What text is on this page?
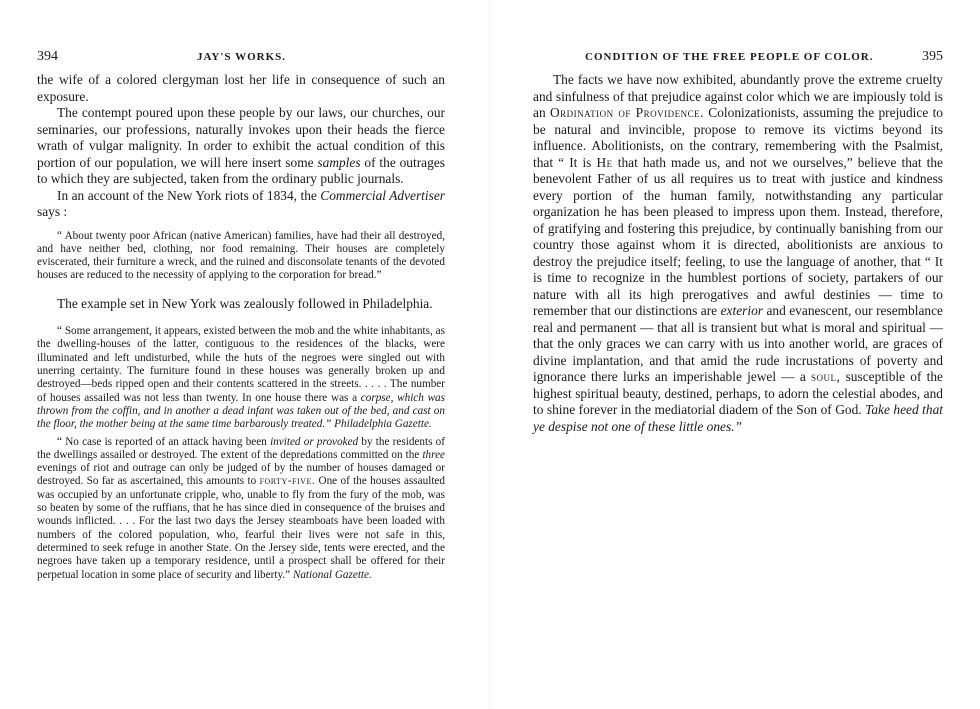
394	JAY'S WORKS.

the wife of a colored clergyman lost her life in consequence of such an exposure.

The contempt poured upon these people by our laws, our churches, our seminaries, our professions, naturally invokes upon their heads the fierce wrath of vulgar malignity. In order to exhibit the actual condition of this portion of our population, we will here insert some samples of the outrages to which they are subjected, taken from the ordinary public journals.

In an account of the New York riots of 1834, the Commercial Advertiser says :

“ About twenty poor African (native American) families, have had their all destroyed, and have neither bed, clothing, nor food remaining. Their houses are completely eviscerated, their furniture a wreck, and the ruined and disconsolate tenants of the devoted houses are reduced to the necessity of applying to the corporation for bread.”

The example set in New York was zealously followed in Philadelphia.

“ Some arrangement, it appears, existed between the mob and the white inhabitants, as the dwelling-houses of the latter, contiguous to the residences of the blacks, were illuminated and left undisturbed, while the huts of the negroes were singled out with unerring certainty. The furniture found in these houses was generally broken up and destroyed—beds ripped open and their contents scattered in the streets. . . . . The number of houses assailed was not less than twenty. In one house there was a corpse, which was thrown from the coffin, and in another a dead infant was taken out of the bed, and cast on the floor, the mother being at the same time barbarously treated.” Philadelphia Gazette.

“ No case is reported of an attack having been invited or provoked by the residents of the dwellings assailed or destroyed. The extent of the depredations committed on the three evenings of riot and outrage can only be judged of by the number of houses damaged or destroyed. So far as ascertained, this amounts to forty-five. One of the houses assaulted was occupied by an unfortunate cripple, who, unable to fly from the fury of the mob, was so beaten by some of the ruffians, that he has since died in consequence of the bruises and wounds inflicted. . . . For the last two days the Jersey steamboats have been loaded with numbers of the colored population, who, fearful their lives were not safe in this, determined to seek refuge in another State. On the Jersey side, tents were erected, and the negroes have taken up a temporary residence, until a prospect shall be offered for their perpetual location in some place of security and liberty.” National Gazette.

CONDITION OF THE FREE PEOPLE OF COLOR.	395

The facts we have now exhibited, abundantly prove the extreme cruelty and sinfulness of that prejudice against color which we are impiously told is an Ordination of Providence. Colonizationists, assuming the prejudice to be natural and invincible, propose to remove its victims beyond its influence. Abolitionists, on the contrary, remembering with the Psalmist, that “ It is He that hath made us, and not we ourselves,” believe that the benevolent Father of us all requires us to treat with justice and kindness every portion of the human family, notwithstanding any particular organization he has been pleased to impress upon them. Instead, therefore, of gratifying and fostering this prejudice, by continually banishing from our country those against whom it is directed, abolitionists are anxious to destroy the prejudice itself; feeling, to use the language of another, that “ It is time to recognize in the humblest portions of society, partakers of our nature with all its high prerogatives and awful destinies — time to remember that our distinctions are exterior and evanescent, our resemblance real and permanent — that all is transient but what is moral and spiritual — that the only graces we can carry with us into another world, are graces of divine implantation, and that amid the rude incrustations of poverty and ignorance there lurks an imperishable jewel — a soul, susceptible of the highest spiritual beauty, destined, perhaps, to adorn the celestial abodes, and to shine forever in the mediatorial diadem of the Son of God. Take heed that ye despise not one of these little ones.”
